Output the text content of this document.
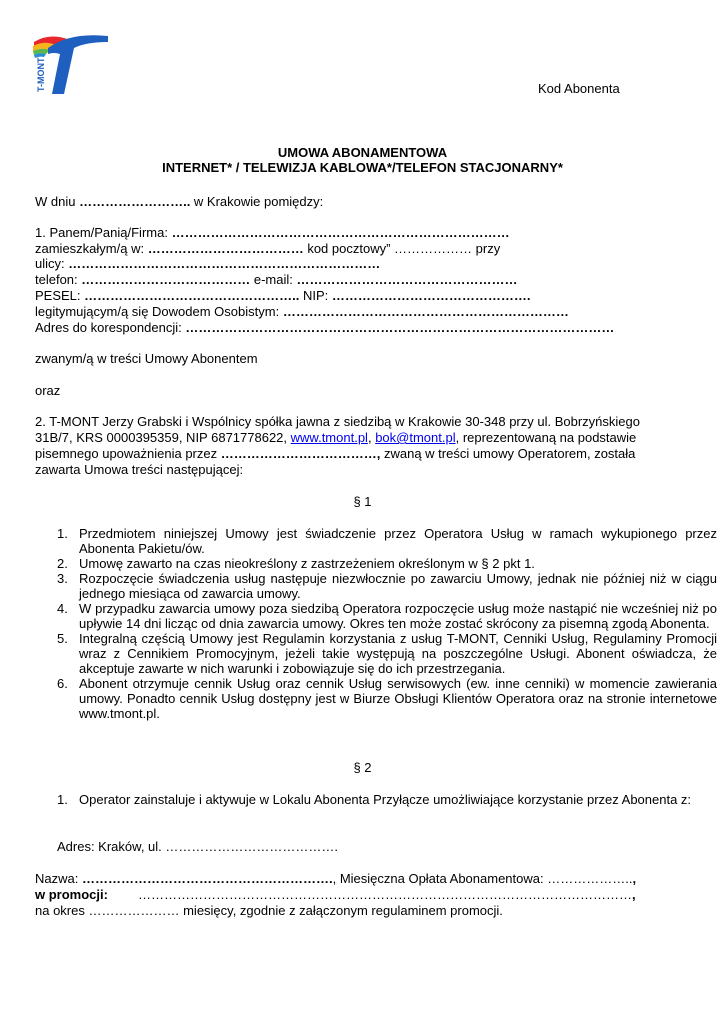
T-MONT	Kod Abonenta
UMOWA ABONAMENTOWA
INTERNET* / TELEWIZJA KABLOWA*/TELEFON STACJONARNY*
W dniu …………………….. w Krakowie pomiędzy:
1. Panem/Panią/Firma: ……………………………………………………………………
zamieszkałym/ą w: ……………………………… kod pocztowy” ……………… przy
ulicy: ………………………………………………………………
telefon: ………………………………… e-mail: ……………………………………………
PESEL: ………………………………………….. NIP: ……………………………………….
legitymującym/ą się Dowodem Osobistym: …………………………………………………………
Adres do korespondencji: ………………………………………………………………………………………
zwanym/ą w treści Umowy Abonentem
oraz
2. T-MONT Jerzy Grabski i Wspólnicy spółka jawna z siedzibą w Krakowie 30-348 przy ul. Bobrzyńskiego
31B/7, KRS 0000395359, NIP 6871778622, www.tmont.pl, bok@tmont.pl, reprezentowaną na podstawie
pisemnego upoważnienia przez ………………………………, zwaną w treści umowy Operatorem, została
zawarta Umowa treści następującej:
§ 1
1. Przedmiotem niniejszej Umowy jest świadczenie przez Operatora Usług w ramach wykupionego przez Abonenta Pakietu/ów.
2. Umowę zawarto na czas nieokreślony z zastrzeżeniem określonym w § 2 pkt 1.
3. Rozpoczęcie świadczenia usług następuje niezwłocznie po zawarciu Umowy, jednak nie później niż w ciągu jednego miesiąca od zawarcia umowy.
4. W przypadku zawarcia umowy poza siedzibą Operatora rozpoczęcie usług może nastąpić nie wcześniej niż po upływie 14 dni licząc od dnia zawarcia umowy. Okres ten może zostać skrócony za pisemną zgodą Abonenta.
5. Integralną częścią Umowy jest Regulamin korzystania z usług T-MONT, Cenniki Usług, Regulaminy Promocji wraz z Cennikiem Promocyjnym, jeżeli takie występują na poszczególne Usługi. Abonent oświadcza, że akceptuje zawarte w nich warunki i zobowiązuje się do ich przestrzegania.
6. Abonent otrzymuje cennik Usług oraz cennik Usług serwisowych (ew. inne cenniki) w momencie zawierania umowy. Ponadto cennik Usług dostępny jest w Biurze Obsługi Klientów Operatora oraz na stronie internetowe www.tmont.pl.
§ 2
1. Operator zainstaluje i aktywuje w Lokalu Abonenta Przyłącze umożliwiające korzystanie przez Abonenta z:
Adres: Kraków, ul. ………………………………….
Nazwa: …………………………………………………., Miesięczna Opłata Abonamentowa: ………………..,
w promocji: ……………………………………………………………………………………………………,
na okres ………………… miesięcy, zgodnie z załączonym regulaminem promocji.
